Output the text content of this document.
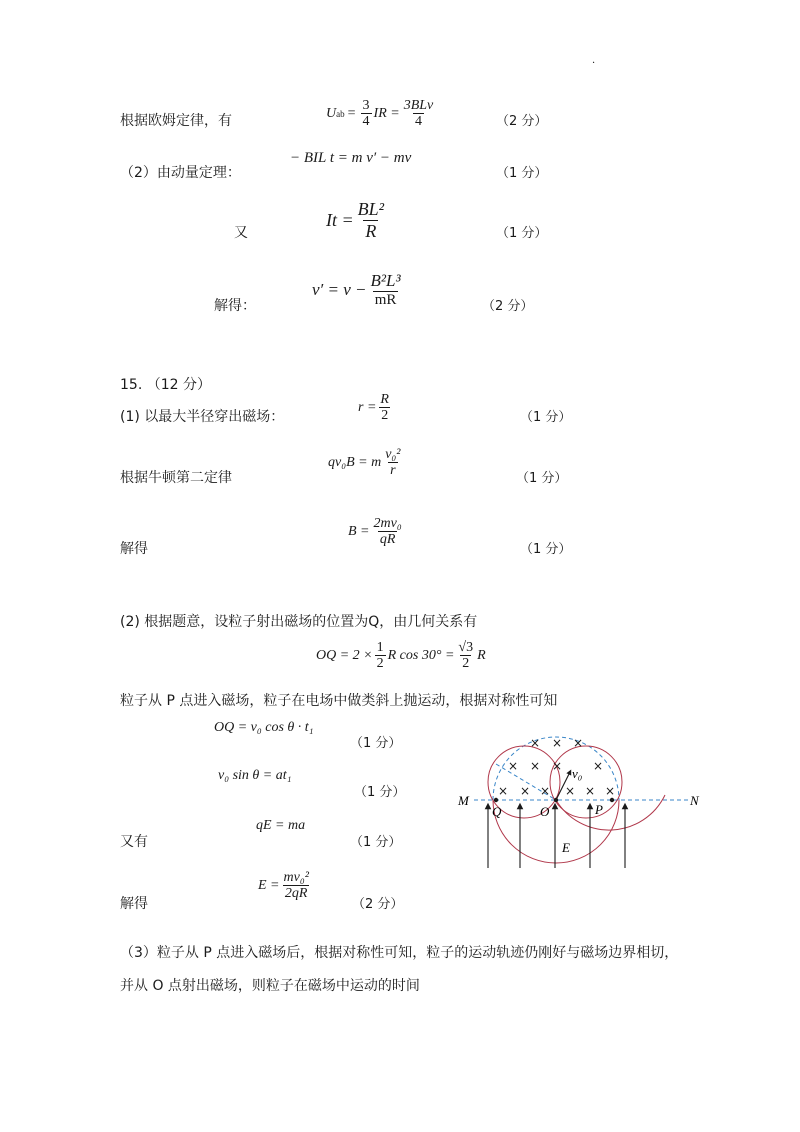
·
根据欧姆定律，有	U ab = $\frac{3}{4}$ IR = $\frac{\text{3BLv}}{4}$	（2 分）
（2）由动量定理：
− BIL t = m v′ − mv
（1 分）
又
$It = \frac{\text{BL²}}{R}$	（1 分）
解得：
$v' = v - \frac{\text{B²L³}}{mR}$	（2 分）
15. （12 分）
(1) 以最大半径穿出磁场：
$r = \frac{R}{2}$	（1 分）
根据牛顿第二定律
qv₀B = m $\frac{\text{v₀²}}{r}$	（1 分）
解得
$B = \frac{\text{2mv₀}}{qR}$
（1 分）
(2) 根据题意，设粒子射出磁场的位置为Q，由几何关系有
OQ = $2 \times \frac{1}{2}$ R $\cos 30^\circ = \frac{√3}{2}$ R
粒子从 P 点进入磁场，粒子在电场中做类斜上抛运动，根据对称性可知
OQ = v₀ cos θ · t₁
（1 分）
v₀ sin θ = at₁
（1 分）
又有
qE = ma
（1 分）
解得
$E = \frac{\text{mv₀²}}{2qR}$
（2 分）
（3）粒子从 P 点进入磁场后，根据对称性可知，粒子的运动轨迹仍刚好与磁场边界相切，
并从 O 点射出磁场，则粒子在磁场中运动的时间
× × ×
× × ×	×
× × × × × ×
M	N
Q	O	P
E
v₀
